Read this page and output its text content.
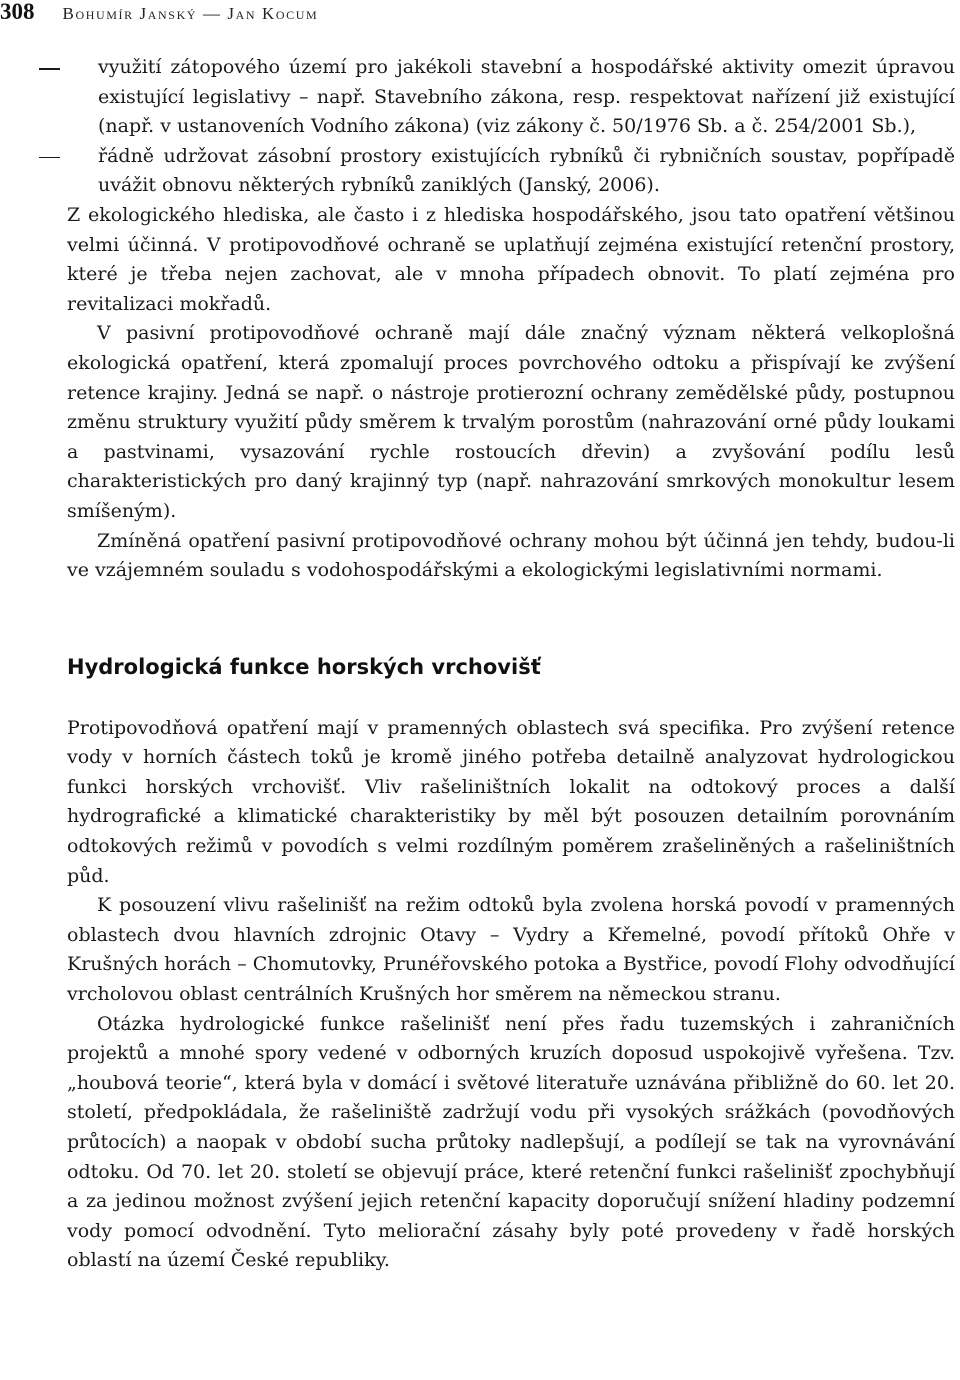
308 Bohumír Janský — Jan Kocum
využití zátopového území pro jakékoli stavební a hospodářské aktivity omezit úpravou existující legislativy – např. Stavebního zákona, resp. respektovat nařízení již existující (např. v ustanoveních Vodního zákona) (viz zákony č. 50/1976 Sb. a č. 254/2001 Sb.),
řádně udržovat zásobní prostory existujících rybníků či rybničních soustav, popřípadě uvážit obnovu některých rybníků zaniklých (Janský, 2006).

Z ekologického hlediska, ale často i z hlediska hospodářského, jsou tato opatření většinou velmi účinná. V protipovodňové ochraně se uplatňují zejména existující retenční prostory, které je třeba nejen zachovat, ale v mnoha případech obnovit. To platí zejména pro revitalizaci mokřadů.

V pasivní protipovodňové ochraně mají dále značný význam některá velkoplošná ekologická opatření, která zpomalují proces povrchového odtoku a přispívají ke zvýšení retence krajiny. Jedná se např. o nástroje protierozní ochrany zemědělské půdy, postupnou změnu struktury využití půdy směrem k trvalým porostům (nahrazování orné půdy loukami a pastvinami, vysazování rychle rostoucích dřevin) a zvyšování podílu lesů charakteristických pro daný krajinný typ (např. nahrazování smrkových monokultur lesem smíšeným).

Zmíněná opatření pasivní protipovodňové ochrany mohou být účinná jen tehdy, budou-li ve vzájemném souladu s vodohospodářskými a ekologickými legislativními normami.

Hydrologická funkce horských vrchovišť

Protipovodňová opatření mají v pramenných oblastech svá specifika. Pro zvýšení retence vody v horních částech toků je kromě jiného potřeba detailně analyzovat hydrologickou funkci horských vrchovišť. Vliv rašeliništních lokalit na odtokový proces a další hydrografické a klimatické charakteristiky by měl být posouzen detailním porovnáním odtokových režimů v povodích s velmi rozdílným poměrem zrašeliněných a rašeliništních půd.

K posouzení vlivu rašelinišť na režim odtoků byla zvolena horská povodí v pramenných oblastech dvou hlavních zdrojnic Otavy – Vydry a Křemelné, povodí přítoků Ohře v Krušných horách – Chomutovky, Prunéřovského potoka a Bystřice, povodí Flohy odvodňující vrcholovou oblast centrálních Krušných hor směrem na německou stranu.

Otázka hydrologické funkce rašelinišť není přes řadu tuzemských i zahraničních projektů a mnohé spory vedené v odborných kruzích doposud uspokojivě vyřešena. Tzv. „houbová teorie“, která byla v domácí i světové literatuře uznávána přibližně do 60. let 20. století, předpokládala, že rašeliniště zadržují vodu při vysokých srážkách (povodňových průtocích) a naopak v období sucha průtoky nadlepšují, a podílejí se tak na vyrovnávání odtoku. Od 70. let 20. století se objevují práce, které retenční funkci rašelinišť zpochybňují a za jedinou možnost zvýšení jejich retenční kapacity doporučují snížení hladiny podzemní vody pomocí odvodnění. Tyto meliorační zásahy byly poté provedeny v řadě horských oblastí na území České republiky.
